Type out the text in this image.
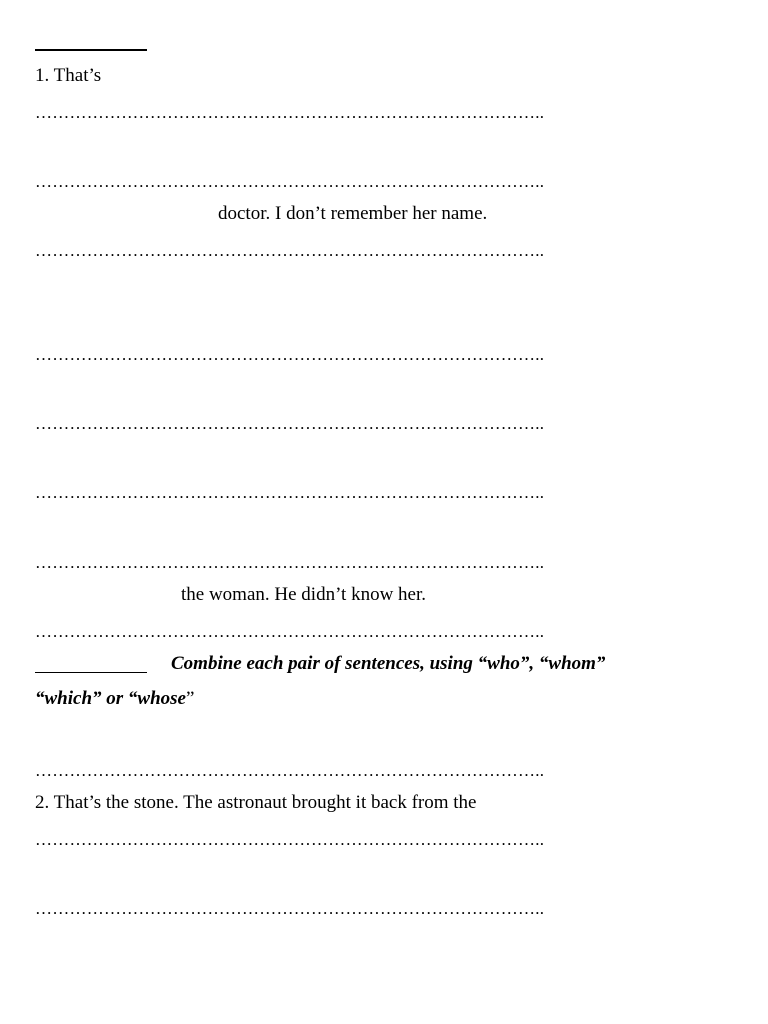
1. That’s
……………………………………………………………………………..
……………………………………………………………………………..
doctor. I don’t remember her name.
……………………………………………………………………………..
……………………………………………………………………………..
……………………………………………………………………………..
……………………………………………………………………………..
……………………………………………………………………………..
the woman. He didn’t know her.
……………………………………………………………………………..
Combine each pair of sentences, using “who”, “whom”
“which” or “whose”
……………………………………………………………………………..
2. That’s the stone. The astronaut brought it back from the
……………………………………………………………………………..
……………………………………………………………………………..
